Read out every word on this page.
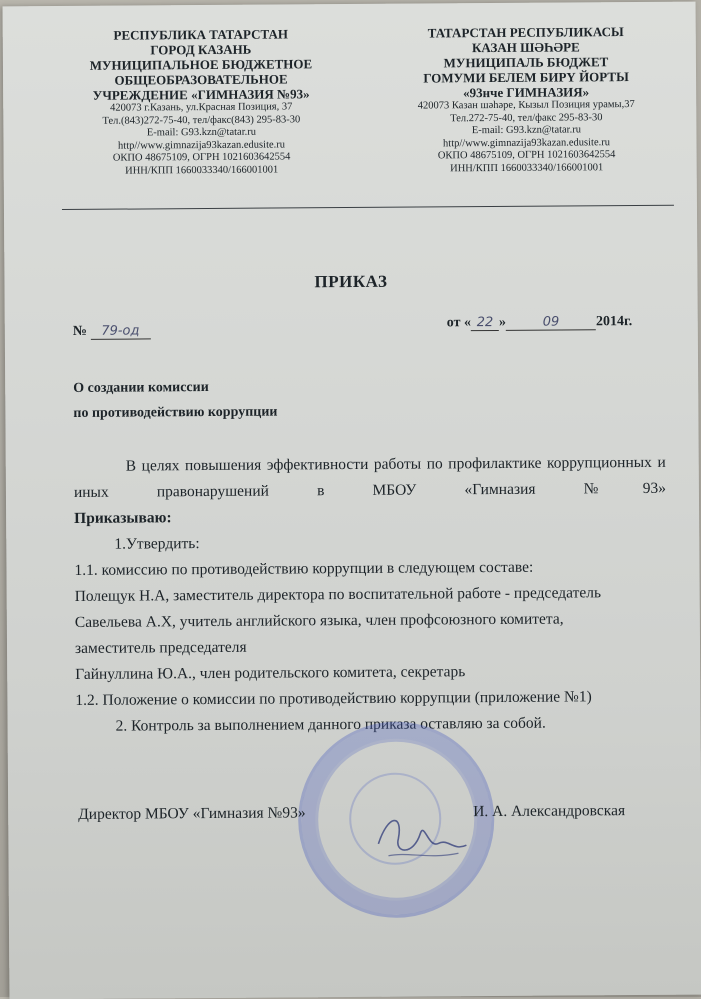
РЕСПУБЛИКА ТАТАРСТАН
ГОРОД КАЗАНЬ
МУНИЦИПАЛЬНОЕ БЮДЖЕТНОЕ
ОБЩЕОБРАЗОВАТЕЛЬНОЕ
УЧРЕЖДЕНИЕ «ГИМНАЗИЯ №93»
420073 г.Казань, ул.Красная Позиция, 37
Тел.(843)272-75-40, тел/факс(843) 295-83-30
E-mail: G93.kzn@tatar.ru
http//www.gimnazija93kazan.edusite.ru
ОКПО 48675109, ОГРН 1021603642554
ИНН/КПП 1660033340/166001001
ТАТАРСТАН РЕСПУБЛИКАСЫ
КАЗАН ШӘҺӘРЕ
МУНИЦИПАЛЬ БЮДЖЕТ
ГОМУМИ БЕЛЕМ БИРҮ ЙОРТЫ
«93нче ГИМНАЗИЯ»
420073 Казан шәһәре, Кызыл Позиция урамы,37
Тел.272-75-40, тел/факс 295-83-30
E-mail: G93.kzn@tatar.ru
http//www.gimnazija93kazan.edusite.ru
ОКПО 48675109, ОГРН 1021603642554
ИНН/КПП 1660033340/166001001
ПРИКАЗ
№ 79-од
от « 22 »	09	2014г.
О создании комиссии
по противодействию коррупции
В целях повышения эффективности работы по профилактике коррупционных и иных правонарушений в МБОУ «Гимназия №93»
Приказываю:
1.Утвердить:
1.1. комиссию по противодействию коррупции в следующем составе:
Полещук Н.А, заместитель директора по воспитательной работе - председатель
Савельева А.Х, учитель английского языка, член профсоюзного комитета,
заместитель председателя
Гайнуллина Ю.А., член родительского комитета, секретарь
1.2. Положение о комиссии по противодействию коррупции (приложение №1)
2. Контроль за выполнением данного приказа оставляю за собой.
Директор МБОУ «Гимназия №93»	И. А. Александровская
